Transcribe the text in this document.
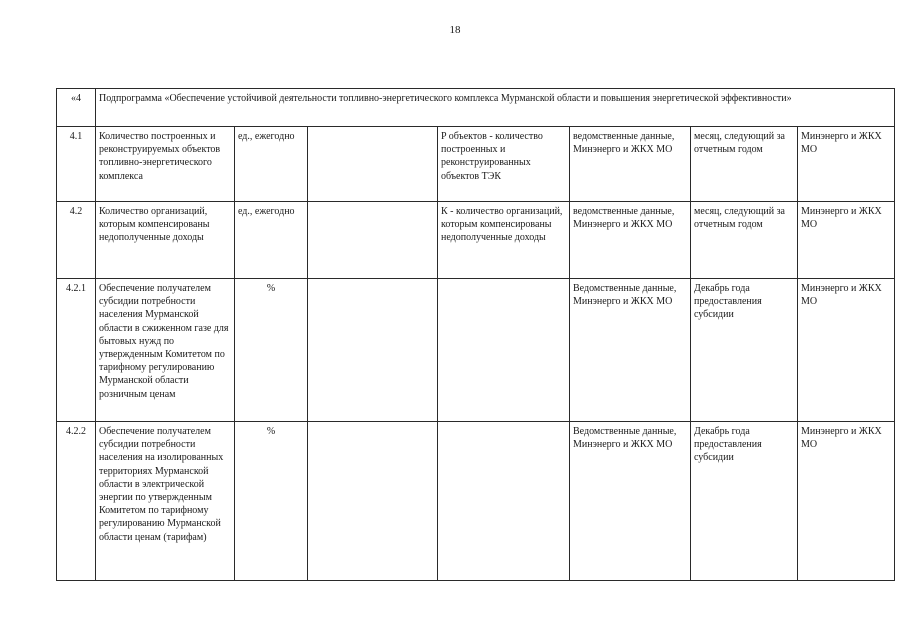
18
«4	Подпрограмма «Обеспечение устойчивой деятельности топливно-энергетического комплекса Мурманской области и повышения энергетической эффективности»						
4.1	Количество построенных и реконструируемых объектов топливно-энергетического комплекса	ед., ежегодно		P объектов - количество построенных и реконструированных объектов ТЭК	ведомственные данные, Минэнерго и ЖКХ МО	месяц, следующий за отчетным годом	Минэнерго и ЖКХ МО
4.2	Количество организаций, которым компенсированы недополученные доходы	ед., ежегодно		К - количество организаций, которым компенсированы недополученные доходы	ведомственные данные, Минэнерго и ЖКХ МО	месяц, следующий за отчетным годом	Минэнерго и ЖКХ МО
4.2.1	Обеспечение получателем субсидии потребности населения Мурманской области в сжиженном газе для бытовых нужд по утвержденным Комитетом по тарифному регулированию Мурманской области розничным ценам	%			Ведомственные данные, Минэнерго и ЖКХ МО	Декабрь года предоставления субсидии	Минэнерго и ЖКХ МО
4.2.2	Обеспечение получателем субсидии потребности населения на изолированных территориях Мурманской области в электрической энергии по утвержденным Комитетом по тарифному регулированию Мурманской области ценам (тарифам)	%			Ведомственные данные, Минэнерго и ЖКХ МО	Декабрь года предоставления субсидии	Минэнерго и ЖКХ МО
